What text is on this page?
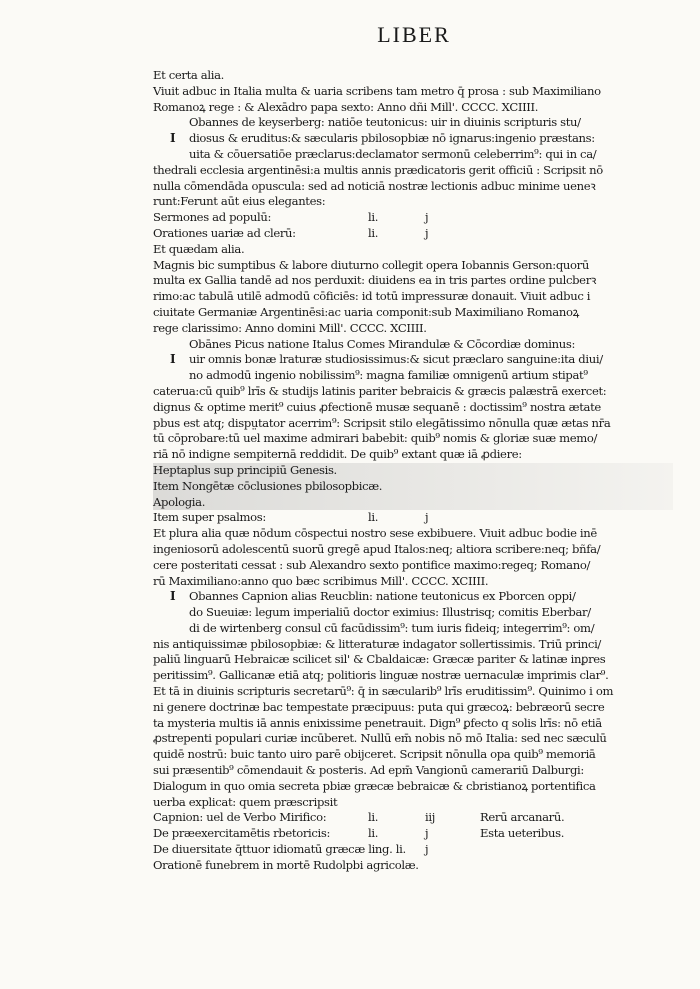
LIBER
Et certa alia.
Viuit adbuc in Italia multa & uaria scribens tam metro q̄ prosa : sub Maximiliano
Romanoꝝ rege : & Alexādro papa sexto: Anno dñi Mill'. CCCC. XCIIII.
Obannes de keyserberg: natiōe teutonicus: uir in diuinis scripturis stu/
diosus & eruditus:& sæcularis pbilosopbiæ nō ignarus:ingenio præstans:
uita & cōuersatiōe præclarus:declamator sermonū celeberrim⁹: qui in ca/
thedrali ecclesia argentinēsi:a multis annis prædicatoris gerit officiū : Scripsit nō
nulla cōmendāda opuscula: sed ad noticiā nostræ lectionis adbuc minime ueneꝛ
runt:Ferunt aūt eius elegantes:
Sermones ad populū:	li.	j
Orationes uariæ ad clerū:	li.	j
Et quædam alia.
Magnis bic sumptibus & labore diuturno collegit opera Iobannis Gerson:quorū
multa ex Gallia tandē ad nos perduxit: diuidens ea in tris partes ordine pulcberꝛ
rimo:ac tabulā utilē admodū cōficiēs: id totū impressuræ donauit. Viuit adbuc i
ciuitate Germaniæ Argentinēsi:ac uaria componit:sub Maximiliano Romanoꝝ
rege clarissimo: Anno domini Mill'. CCCC. XCIIII.
Obānes Picus natione Italus Comes Mirandulæ & Cōcordiæ dominus:
uir omnis bonæ lraturæ studiosissimus:& sicut præclaro sanguine:ita diui/
no admodū ingenio nobilissim⁹: magna familiæ omnigenū artium stipat⁹
caterua:cū quib⁹ lrīs & studijs latinis pariter bebraicis & græcis palæstrā exercet:
dignus & optime merit⁹ cuius ꝓfectionē musæ sequanē : doctissim⁹ nostra ætate
pbus est atq; dispṳtator acerrim⁹: Scripsit stilo elegātissimo nōnulla quæ ætas nr̄a
tū cōprobare:tū uel maxime admirari babebit: quib⁹ nomis & gloriæ suæ memo/
riā nō indigne sempiternā reddidit. De quib⁹ extant quæ iā ꝓdiere:
Heptaplus sup principiū Genesis.
Item Nongētæ cōclusiones pbilosopbicæ.
Apologia.
Item super psalmos:	li.	j
Et plura alia quæ nōdum cōspectui nostro sese exbibuere. Viuit adbuc bodie inē
ingeniosorū adolescentū suorū gregē apud Italos:neq; altiora scribere:neq; bñfa/
cere posteritati cessat : sub Alexandro sexto pontifice maximo:regeq; Romano/
rū Maximiliano:anno quo bæc scribimus Mill'. CCCC. XCIIII.
Obannes Capnion alias Reucblin: natione teutonicus ex Pborcen oppi/
do Sueuiæ: legum imperialiū doctor eximius: Illustrisq; comitis Eberbar/
di de wirtenberg consul cū facūdissim⁹: tum iuris fideiq; integerrim⁹: om/
nis antiquissimæ pbilosopbiæ: & litteraturæ indagator sollertissimis. Triū princi/
paliū linguarū Hebraicæ scilicet sil' & Cbaldaicæ: Græcæ pariter & latinæ inꝑres
peritissim⁹. Gallicanæ etiā atq; politioris linguæ nostræ uernaculæ imprimis clar⁹.
Et tā in diuinis scripturis secretarū⁹: q̄ in sæcularib⁹ lrīs eruditissim⁹. Quinimo i om
ni genere doctrinæ bac tempestate præcipuus: puta qui græcoꝝ: bebræorū secre
ta mysteria multis iā annis enixissime penetrauit. Dign⁹ ꝑfecto q solis lrīs: nō etiā
ꝓstrepenti populari curiæ incūberet. Nullū em̄ nobis nō mō Italia: sed nec sæculū
quidē nostrū: buic tanto uiro parē obijceret. Scripsit nōnulla opa quib⁹ memoriā
sui præsentib⁹ cōmendauit & posteris. Ad epm̄ Vangionū camerariū Dalburgi:
Dialogum in quo omia secreta pbiæ græcæ bebraicæ & cbristianoꝝ portentifica
uerba explicat: quem præscripsit
Capnion: uel de Verbo Mirifico:	li.	iij	Rerū arcanarū.
De præexercitamētis rbetoricis:	li.	j	Esta ueteribus.
De diuersitate q̄ttuor idiomatū græcæ ling. li. j
Orationē funebrem in mortē Rudolpbi agricolæ.
I
I
I
